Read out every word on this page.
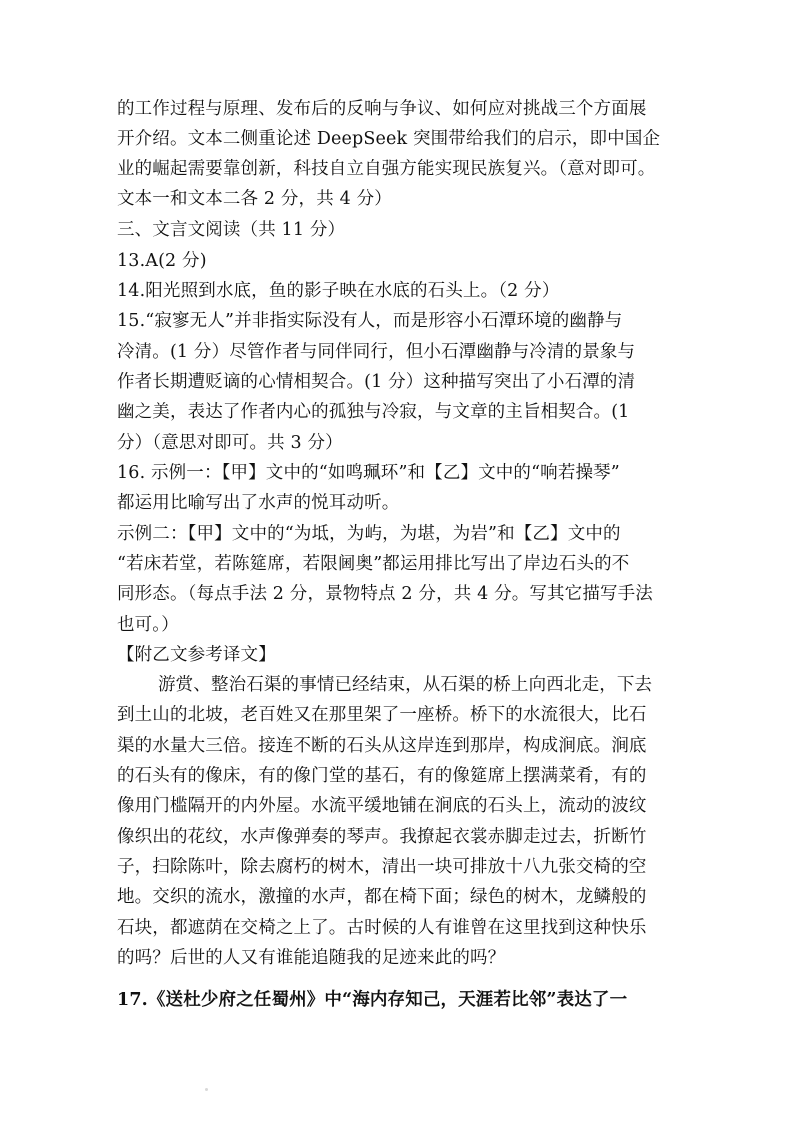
的工作过程与原理、发布后的反响与争议、如何应对挑战三个方面展
开介绍。文本二侧重论述 DeepSeek 突围带给我们的启示，即中国企
业的崛起需要靠创新，科技自立自强方能实现民族复兴。（意对即可。
文本一和文本二各 2 分，共 4 分）
三、文言文阅读（共 11 分）
13.A(2 分)
14.阳光照到水底，鱼的影子映在水底的石头上。（2 分）
15.“寂寥无人”并非指实际没有人，而是形容小石潭环境的幽静与
冷清。(1 分）尽管作者与同伴同行，但小石潭幽静与冷清的景象与
作者长期遭贬谪的心情相契合。(1 分）这种描写突出了小石潭的清
幽之美，表达了作者内心的孤独与冷寂，与文章的主旨相契合。(1
分）（意思对即可。共 3 分）
16. 示例一：【甲】文中的“如鸣珮环”和【乙】文中的“响若操琴”
都运用比喻写出了水声的悦耳动听。
示例二：【甲】文中的“为坻，为屿，为堪，为岩”和【乙】文中的
“若床若堂，若陈筵席，若限阃奥”都运用排比写出了岸边石头的不
同形态。（每点手法 2 分，景物特点 2 分，共 4 分。写其它描写手法
也可。）
【附乙文参考译文】
游赏、整治石渠的事情已经结束，从石渠的桥上向西北走，下去
到土山的北坡，老百姓又在那里架了一座桥。桥下的水流很大，比石
渠的水量大三倍。接连不断的石头从这岸连到那岸，构成涧底。涧底
的石头有的像床，有的像门堂的基石，有的像筵席上摆满菜肴，有的
像用门槛隔开的内外屋。水流平缓地铺在涧底的石头上，流动的波纹
像织出的花纹，水声像弹奏的琴声。我撩起衣裳赤脚走过去，折断竹
子，扫除陈叶，除去腐朽的树木，清出一块可排放十八九张交椅的空
地。交织的流水，激撞的水声，都在椅下面；绿色的树木，龙鳞般的
石块，都遮荫在交椅之上了。古时候的人有谁曾在这里找到这种快乐
的吗？后世的人又有谁能追随我的足迹来此的吗？
17.《送杜少府之任蜀州》中“海内存知己，天涯若比邻”表达了一
